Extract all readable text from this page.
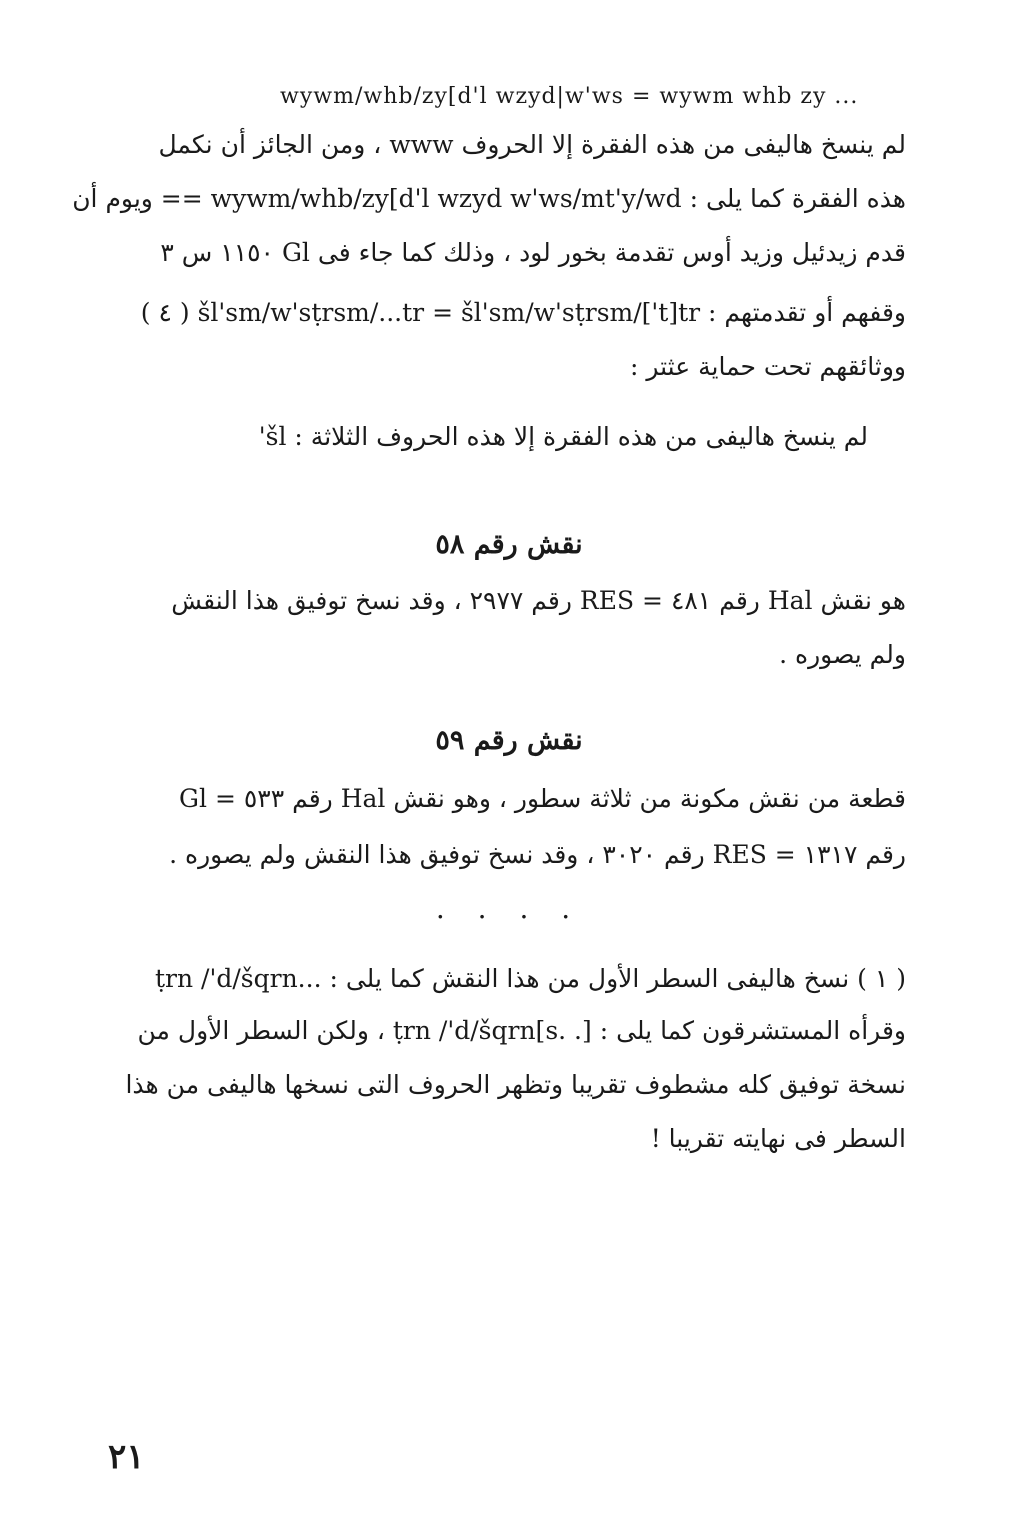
wywm/whb/zy[d'l wzyd|w'ws = wywm whb zy ...
لم ينسخ هاليفى من هذه الفقرة إلا الحروف www ، ومن الجائز أن نكمل
هذه الفقرة كما يلى : wywm/whb/zy[d'l wzyd w'ws/mt'y/wd == ويوم أن
قدم زيدئيل وزيد أوس تقدمة بخور لود ، وذلك كما جاء فى Gl ١١٥٠ س ٣
( ٤ ) šl'sm/w'sṭrsm/...tr = šl'sm/w'sṭrsm/['t]tr : وقفهم أو تقدمتهم
ووثائقهم تحت حماية عثتر :
لم ينسخ هاليفى من هذه الفقرة إلا هذه الحروف الثلاثة : šl'
نقش رقم ٥٨
هو نقش Hal رقم ٤٨١ = RES رقم ٢٩٧٧ ، وقد نسخ توفيق هذا النقش
ولم يصوره .
نقش رقم ٥٩
قطعة من نقش مكونة من ثلاثة سطور ، وهو نقش Hal رقم ٥٣٣ = Gl
رقم ١٣١٧ = RES رقم ٣٠٢٠ ، وقد نسخ توفيق هذا النقش ولم يصوره .
. . . .
( ١ ) نسخ هاليفى السطر الأول من هذا النقش كما يلى : ...ṭrn /'d/šqrn
وقرأه المستشرقون كما يلى : [. .s]ṭrn /'d/šqrn ، ولكن السطر الأول من
نسخة توفيق كله مشطوف تقريبا وتظهر الحروف التى نسخها هاليفى من هذا
السطر فى نهايته تقريبا !
٢١
